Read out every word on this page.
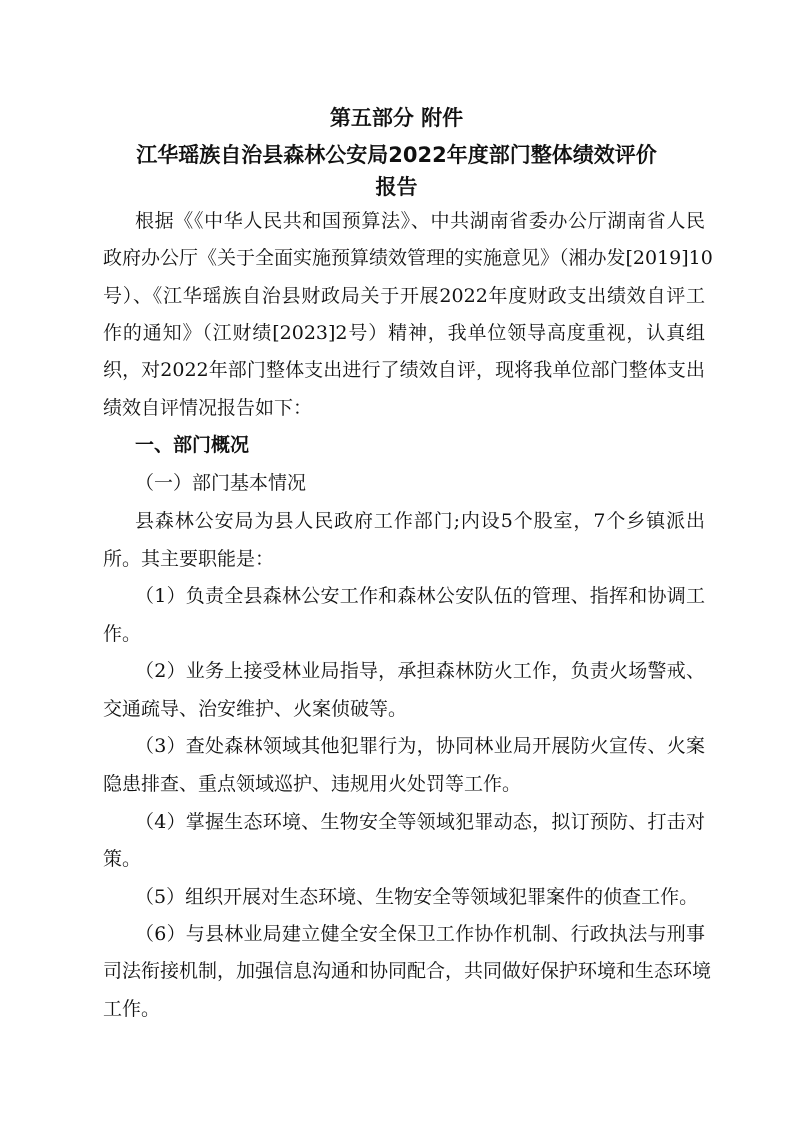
第五部分 附件
江华瑶族自治县森林公安局2022年度部门整体绩效评价
报告
根据《《中华人民共和国预算法》、中共湖南省委办公厅湖南省人民
政府办公厅《关于全面实施预算绩效管理的实施意见》（湘办发[2019]10
号）、《江华瑶族自治县财政局关于开展2022年度财政支出绩效自评工
作的通知》（江财绩[2023]2号）精神，我单位领导高度重视，认真组
织，对2022年部门整体支出进行了绩效自评，现将我单位部门整体支出
绩效自评情况报告如下：
一、部门概况
（一）部门基本情况
县森林公安局为县人民政府工作部门;内设5个股室，7个乡镇派出
所。其主要职能是：
（1）负责全县森林公安工作和森林公安队伍的管理、指挥和协调工
作。
（2）业务上接受林业局指导，承担森林防火工作，负责火场警戒、
交通疏导、治安维护、火案侦破等。
（3）查处森林领域其他犯罪行为，协同林业局开展防火宣传、火案
隐患排查、重点领域巡护、违规用火处罚等工作。
（4）掌握生态环境、生物安全等领域犯罪动态，拟订预防、打击对
策。
（5）组织开展对生态环境、生物安全等领域犯罪案件的侦查工作。
（6）与县林业局建立健全安全保卫工作协作机制、行政执法与刑事
司法衔接机制，加强信息沟通和协同配合，共同做好保护环境和生态环境
工作。
